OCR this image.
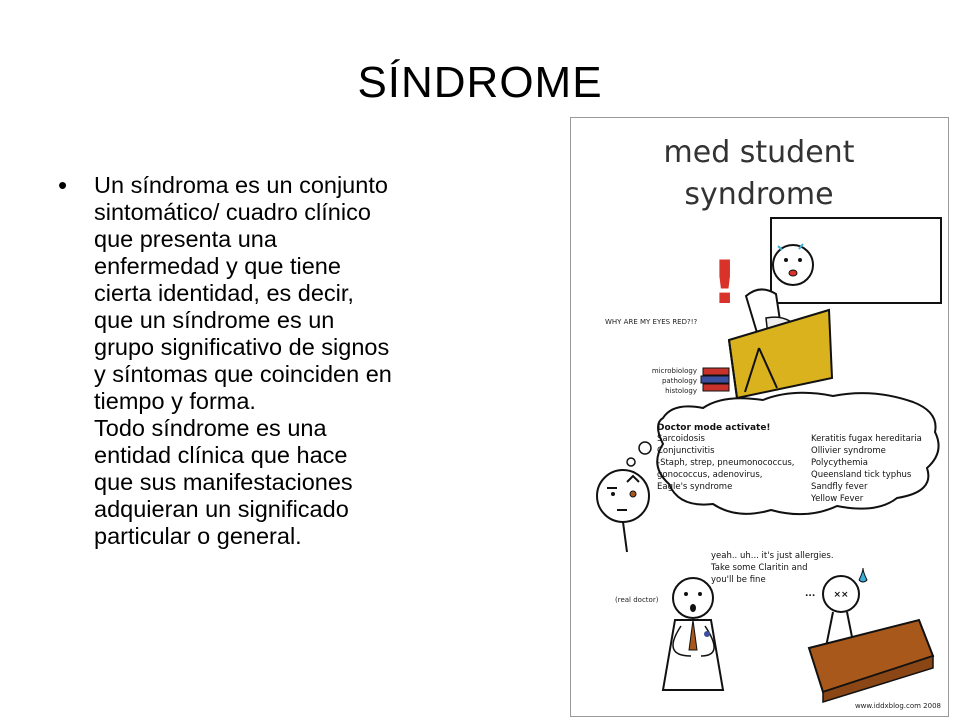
SÍNDROME
• Un síndroma es un conjunto
sintomático/ cuadro clínico
que presenta una
enfermedad y que tiene
cierta identidad, es decir,
que un síndrome es un
grupo significativo de signos
y síntomas que coinciden en
tiempo y forma.
Todo síndrome es una
entidad clínica que hace
que sus manifestaciones
adquieran un significado
particular o general.

med student
syndrome
!
WHY ARE MY EYES RED?!?
microbiology
pathology
histology
Doctor mode activate!
Sarcoidosis
Conjunctivitis
-Staph, strep, pneumonococcus,
gonococcus, adenovirus,
Eagle's syndrome
Keratitis fugax hereditaria
Ollivier syndrome
Polycythemia
Queensland tick typhus
Sandfly fever
Yellow Fever
yeah.. uh... it's just allergies.
Take some Claritin and
you'll be fine
(real doctor)
... ××
www.iddxblog.com 2008
